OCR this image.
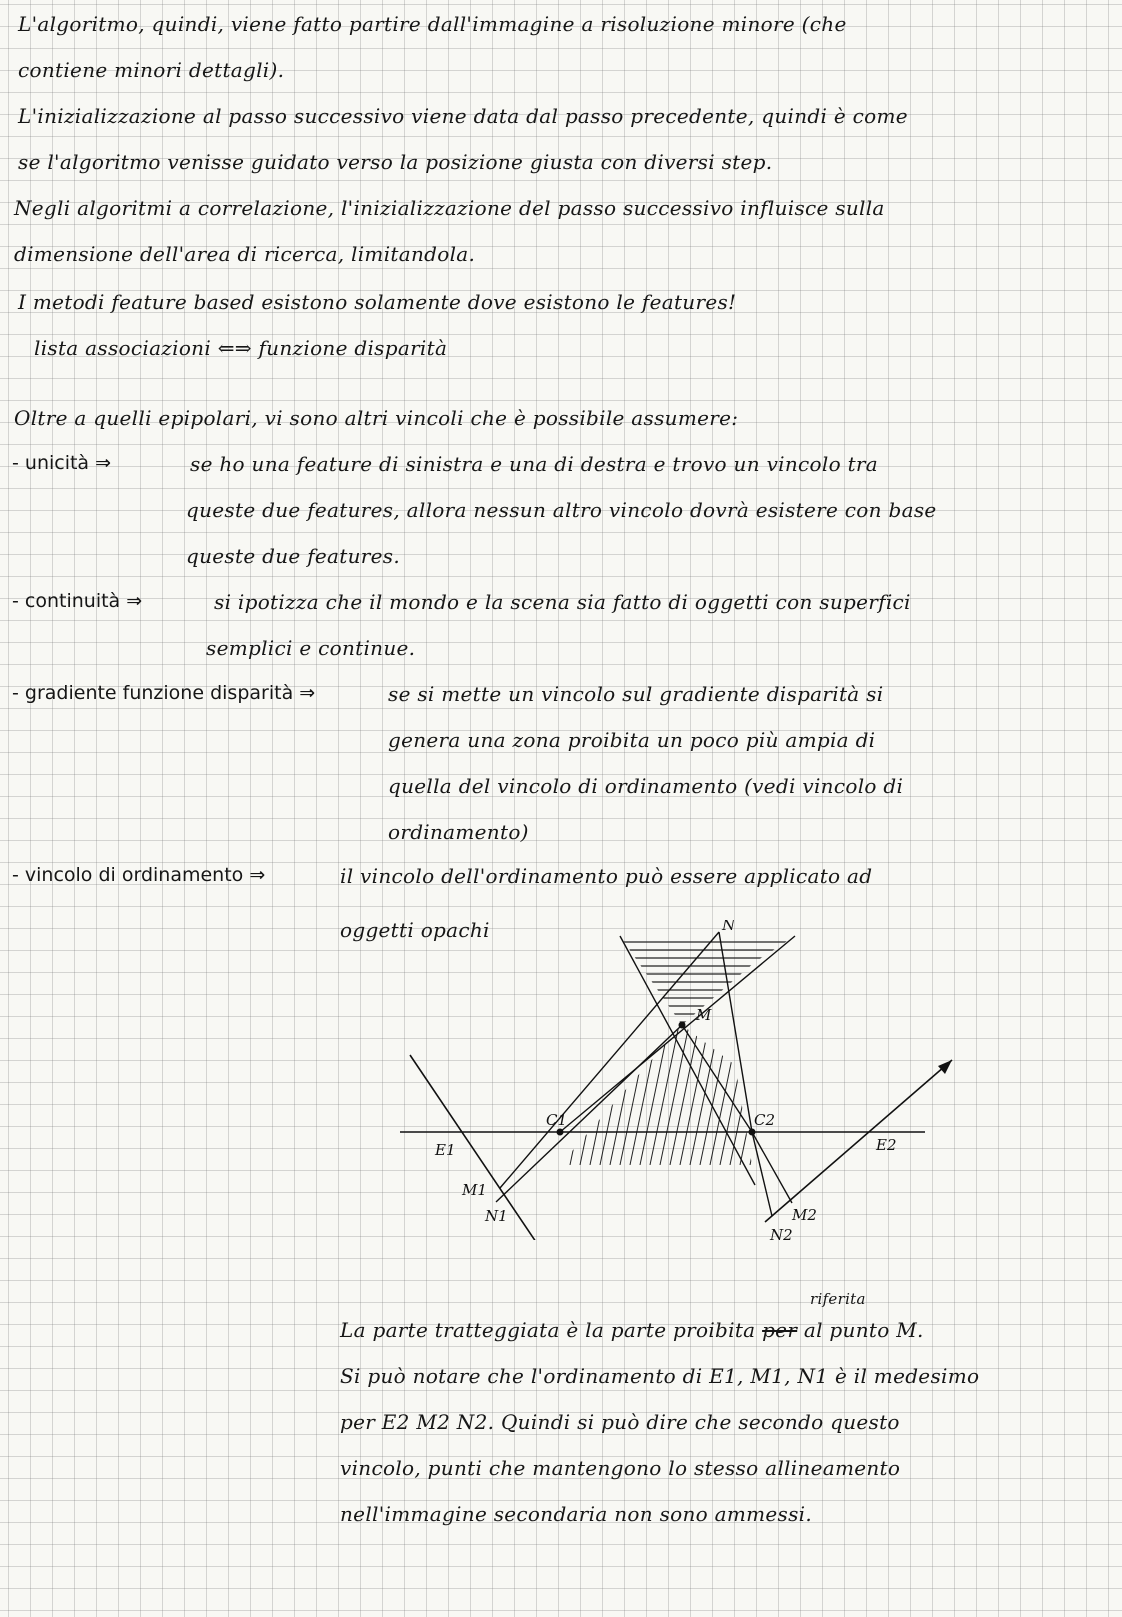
L'algoritmo, quindi, viene fatto partire dall'immagine a risoluzione minore (che
contiene minori dettagli).
L'inizializzazione al passo successivo viene data dal passo precedente, quindi è come
se l'algoritmo venisse guidato verso la posizione giusta con diversi step.
Negli algoritmi a correlazione, l'inizializzazione del passo successivo influisce sulla
dimensione dell'area di ricerca, limitandola.
I metodi feature based esistono solamente dove esistono le features!
lista associazioni ⇐⇒ funzione disparità
Oltre a quelli epipolari, vi sono altri vincoli che è possibile assumere:
- unicità ⇒	se ho una feature di sinistra e una di destra e trovo un vincolo tra
queste due features, allora nessun altro vincolo dovrà esistere con base
queste due features.
- continuità ⇒	si ipotizza che il mondo e la scena sia fatto di oggetti con superfici
semplici e continue.
- gradiente funzione disparità ⇒	se si mette un vincolo sul gradiente disparità si
genera una zona proibita un poco più ampia di
quella del vincolo di ordinamento (vedi vincolo di
ordinamento)
- vincolo di ordinamento ⇒	il vincolo dell'ordinamento può essere applicato ad
oggetti opachi	N
M
C1	C2
E1	E2
M1
N1	M2
N2
riferita
La parte tratteggiata è la parte proibita per al punto M.
Si può notare che l'ordinamento di E1, M1, N1 è il medesimo
per E2 M2 N2. Quindi si può dire che secondo questo
vincolo, punti che mantengono lo stesso allineamento
nell'immagine secondaria non sono ammessi.
